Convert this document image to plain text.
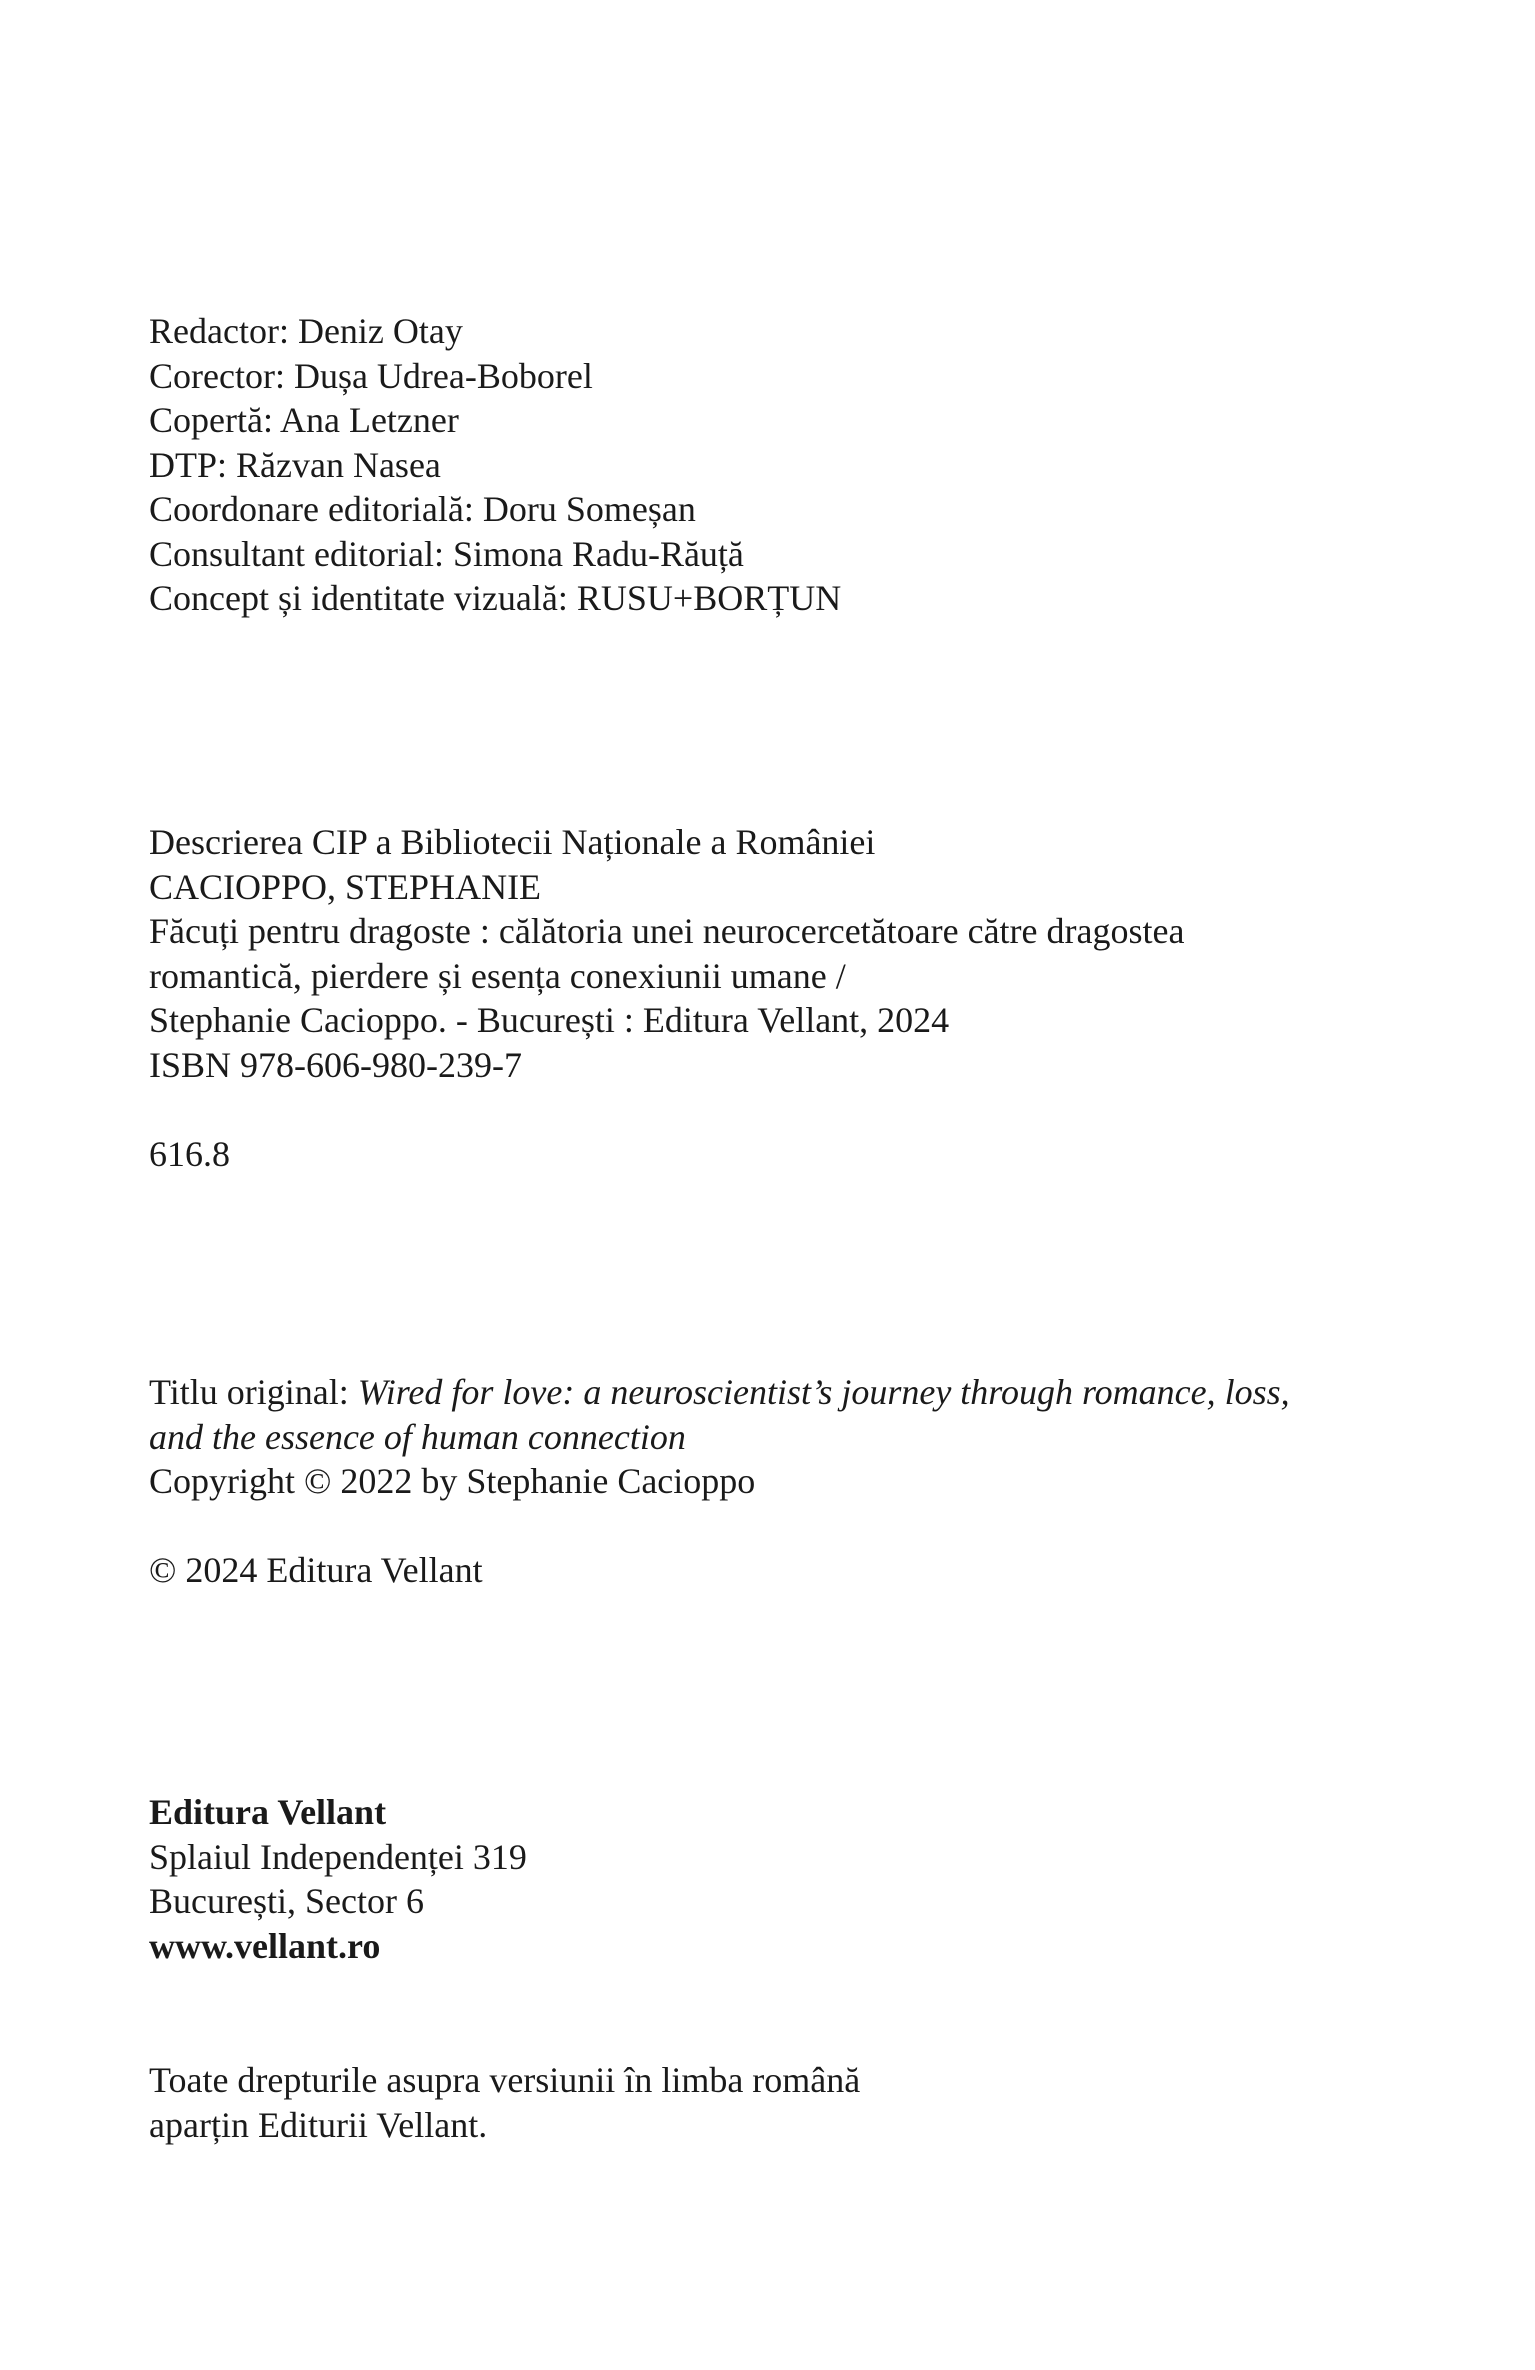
Redactor: Deniz Otay
Corector: Dușa Udrea-Boborel
Copertă: Ana Letzner
DTP: Răzvan Nasea
Coordonare editorială: Doru Someșan
Consultant editorial: Simona Radu-Răuță
Concept și identitate vizuală: RUSU+BORȚUN
Descrierea CIP a Bibliotecii Naționale a României
CACIOPPO, STEPHANIE
Făcuți pentru dragoste : călătoria unei neurocercetătoare către dragostea
romantică, pierdere și esența conexiunii umane /
Stephanie Cacioppo. - București : Editura Vellant, 2024
ISBN 978-606-980-239-7
616.8
Titlu original: Wired for love: a neuroscientist’s journey through romance, loss,
and the essence of human connection
Copyright © 2022 by Stephanie Cacioppo
© 2024 Editura Vellant
Editura Vellant
Splaiul Independenței 319
București, Sector 6
www.vellant.ro
Toate drepturile asupra versiunii în limba română
aparțin Editurii Vellant.
